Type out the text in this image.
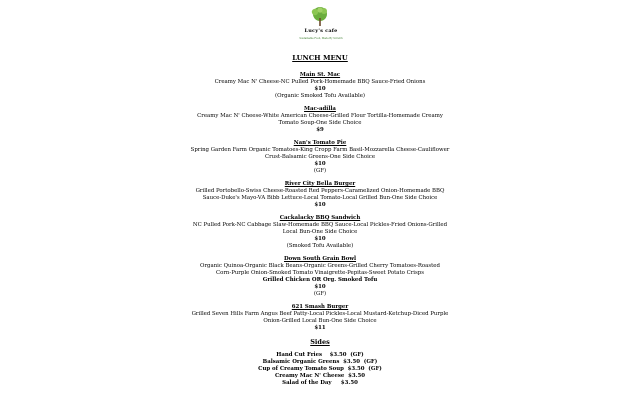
Lucy's cafe
Sustainable Food, Made By Scratch
LUNCH MENU
Main St. Mac
Creamy Mac N' Cheese-NC Pulled Pork-Homemade BBQ Sauce-Fried Onions
$10
(Organic Smoked Tofu Available)
Mac-adilla
Creamy Mac N' Cheese-White American Cheese-Grilled Flour Tortilla-Homemade Creamy
Tomato Soup-One Side Choice
$9
Nan's Tomato Pie
Spring Garden Farm Organic Tomatoes-King Cropp Farm Basil-Mozzarella Cheese-Cauliflower
Crust-Balsamic Greens-One Side Choice
$10
(GF)
River City Bella Burger
Grilled Portobello-Swiss Cheese-Roasted Red Peppers-Caramelized Onion-Homemade BBQ
Sauce-Duke's Mayo-VA Bibb Lettuce-Local Tomato-Local Grilled Bun-One Side Choice
$10
Cackalacky BBQ Sandwich
NC Pulled Pork-NC Cabbage Slaw-Homemade BBQ Sauce-Local Pickles-Fried Onions-Grilled
Local Bun-One Side Choice
$10
(Smoked Tofu Available)
Down South Grain Bowl
Organic Quinoa-Organic Black Beans-Organic Greens-Grilled Cherry Tomatoes-Roasted
Corn-Purple Onion-Smoked Tomato Vinaigrette-Pepitas-Sweet Potato Crisps
Grilled Chicken OR Org. Smoked Tofu
$10
(GF)
621 Smash Burger
Grilled Seven Hills Farm Angus Beef Patty-Local Pickles-Local Mustard-Ketchup-Diced Purple
Onion-Grilled Local Bun-One Side Choice
$11
Sides
Hand Cut Fries    $3.50  (GF)
Balsamic Organic Greens  $3.50  (GF)
Cup of Creamy Tomato Soup  $3.50  (GF)
Creamy Mac N' Cheese  $3.50
Salad of the Day     $3.50
